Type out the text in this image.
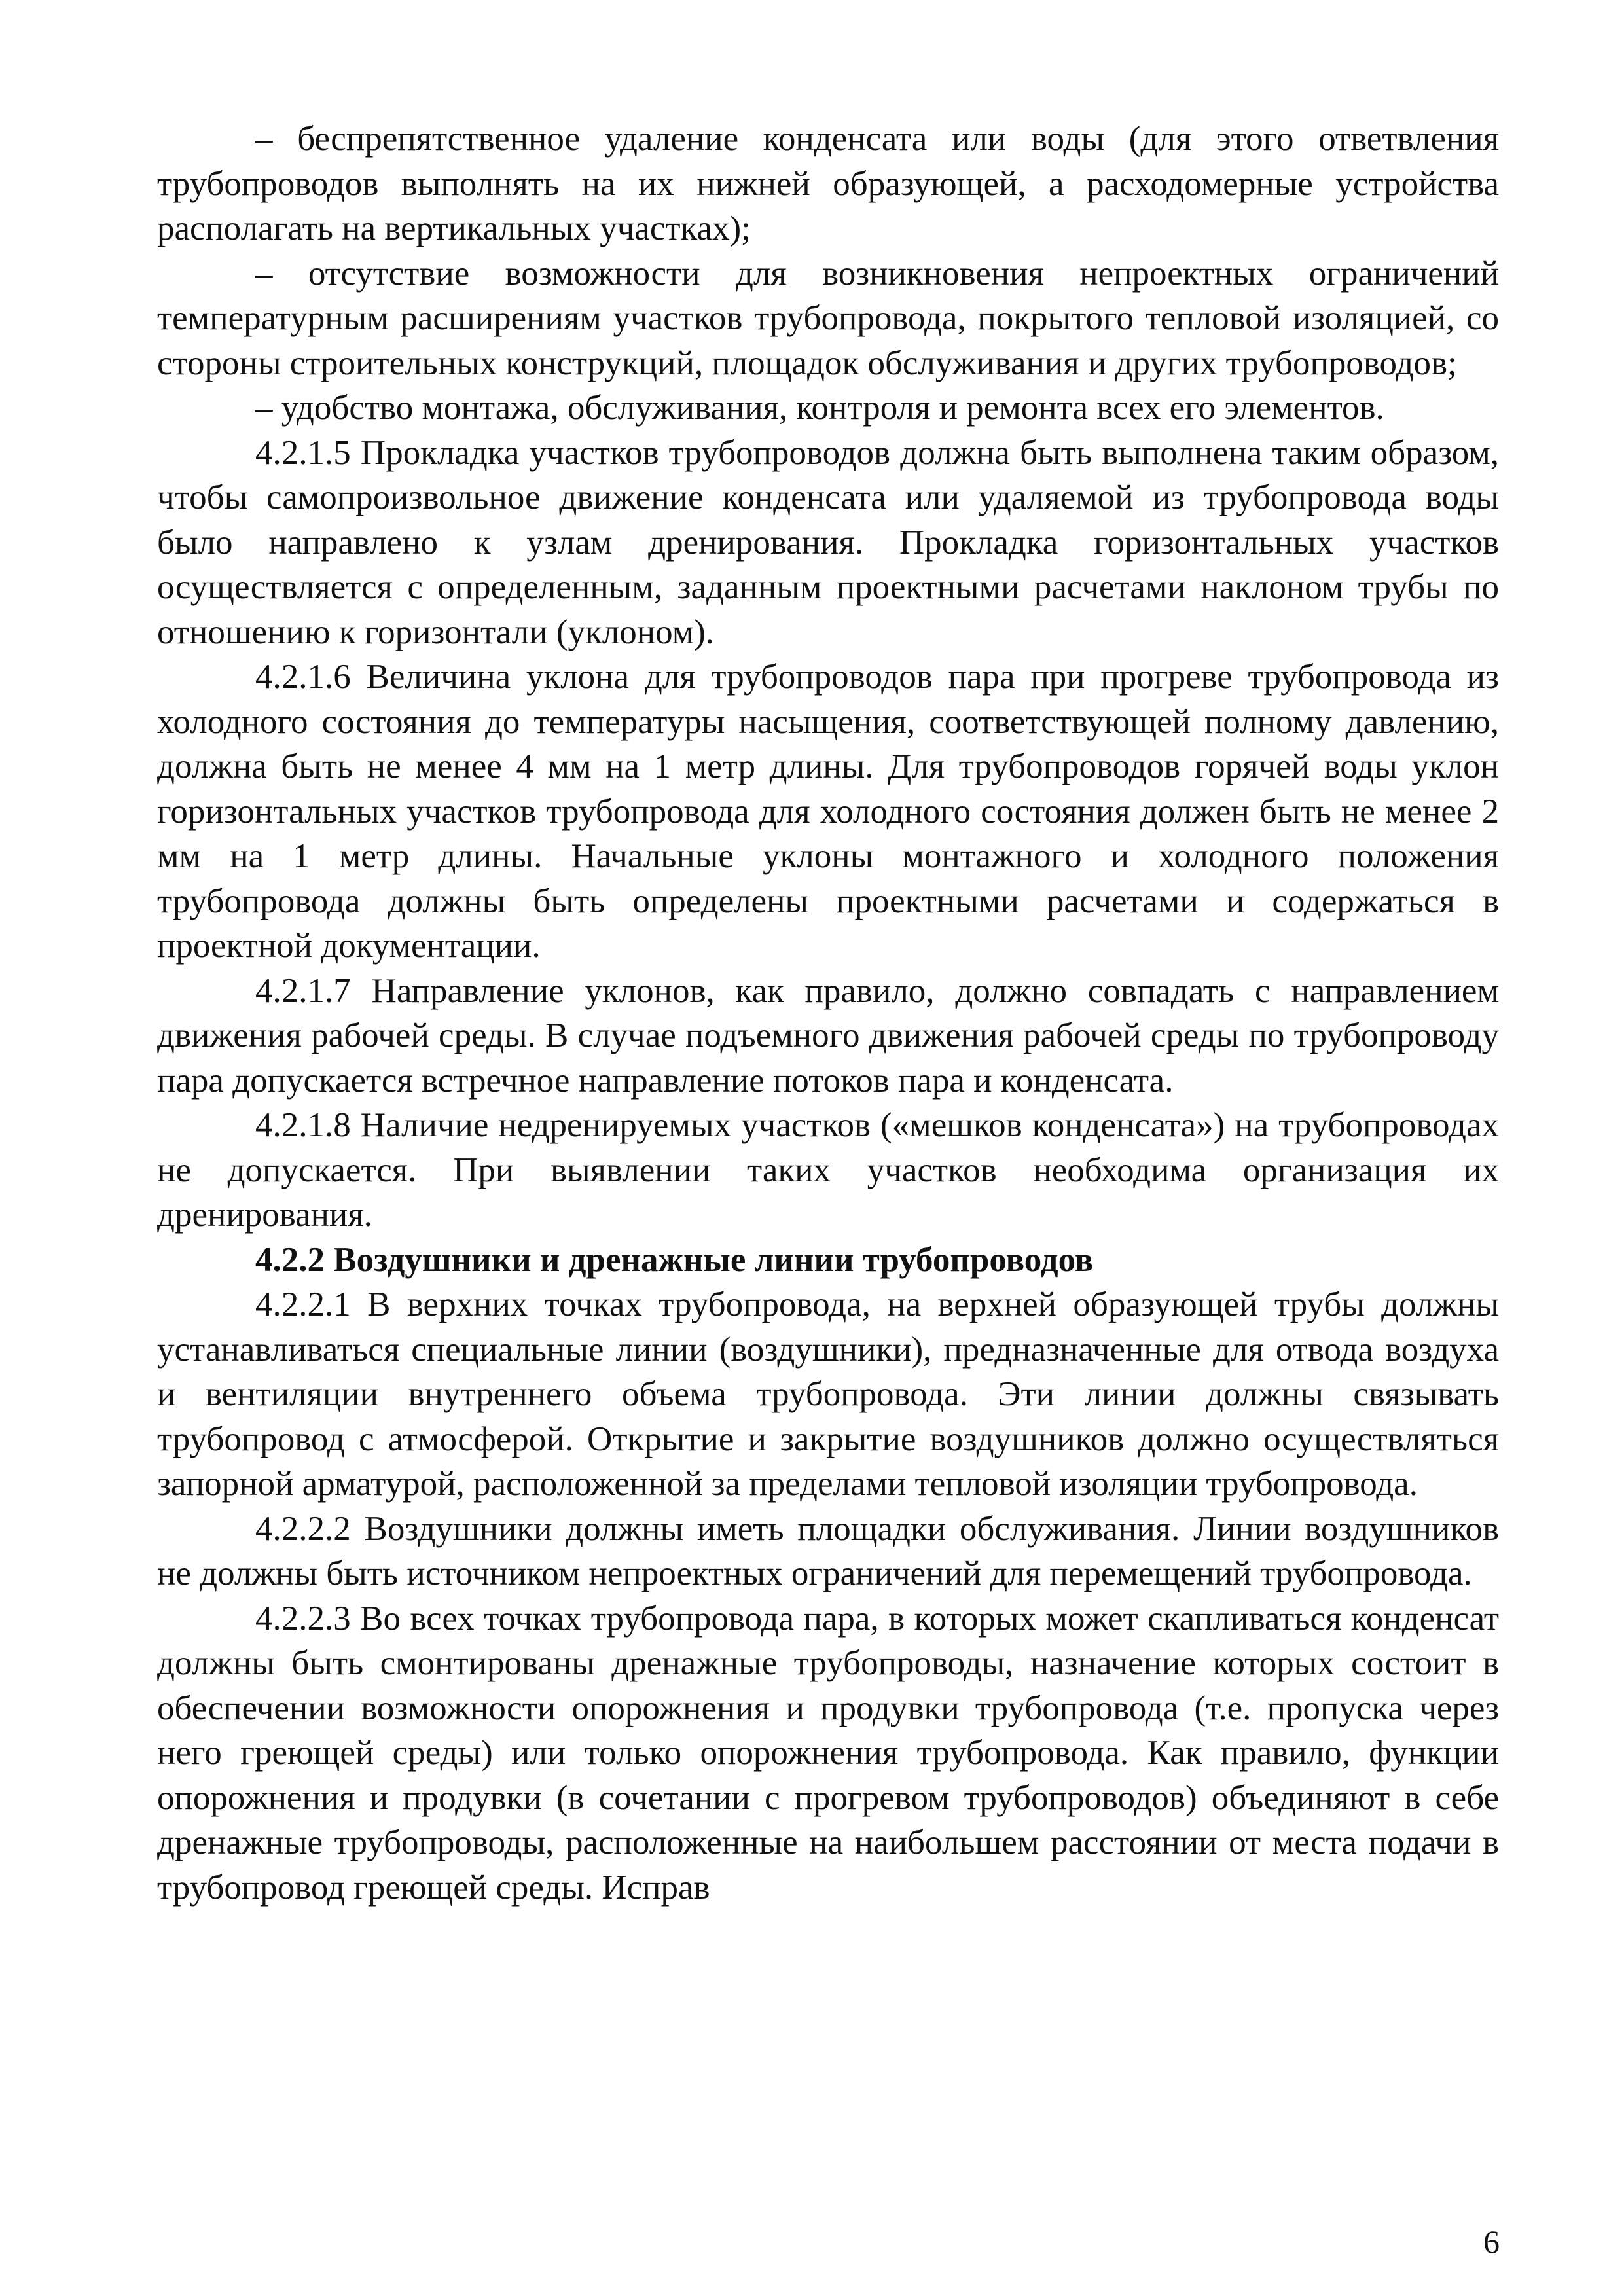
– беспрепятственное удаление конденсата или воды (для этого ответвления трубопроводов выполнять на их нижней образующей, а расходомерные устройства располагать на вертикальных участках);

– отсутствие возможности для возникновения непроектных ограничений температурным расширениям участков трубопровода, покрытого тепловой изоляцией, со стороны строительных конструкций, площадок обслуживания и других трубопроводов;

– удобство монтажа, обслуживания, контроля и ремонта всех его элементов.

4.2.1.5 Прокладка участков трубопроводов должна быть выполнена таким образом, чтобы самопроизвольное движение конденсата или удаляемой из трубопровода воды было направлено к узлам дренирования. Прокладка горизонтальных участков осуществляется с определенным, заданным проектными расчетами наклоном трубы по отношению к горизонтали (уклоном).

4.2.1.6 Величина уклона для трубопроводов пара при прогреве трубопровода из холодного состояния до температуры насыщения, соответствующей полному давлению, должна быть не менее 4 мм на 1 метр длины. Для трубопроводов горячей воды уклон горизонтальных участков трубопровода для холодного состояния должен быть не менее 2 мм на 1 метр длины. Начальные уклоны монтажного и холодного положения трубопровода должны быть определены проектными расчетами и содержаться в проектной документации.

4.2.1.7 Направление уклонов, как правило, должно совпадать с направлением движения рабочей среды. В случае подъемного движения рабочей среды по трубопроводу пара допускается встречное направление потоков пара и конденсата.

4.2.1.8 Наличие недренируемых участков («мешков конденсата») на трубопроводах не допускается. При выявлении таких участков необходима организация их дренирования.

4.2.2 Воздушники и дренажные линии трубопроводов

4.2.2.1 В верхних точках трубопровода, на верхней образующей трубы должны устанавливаться специальные линии (воздушники), предназначенные для отвода воздуха и вентиляции внутреннего объема трубопровода. Эти линии должны связывать трубопровод с атмосферой. Открытие и закрытие воздушников должно осуществляться запорной арматурой, расположенной за пределами тепловой изоляции трубопровода.

4.2.2.2 Воздушники должны иметь площадки обслуживания. Линии воздушников не должны быть источником непроектных ограничений для перемещений трубопровода.

4.2.2.3 Во всех точках трубопровода пара, в которых может скапливаться конденсат должны быть смонтированы дренажные трубопроводы, назначение которых состоит в обеспечении возможности опорожнения и продувки трубопровода (т.е. пропуска через него греющей среды) или только опорожнения трубопровода. Как правило, функции опорожнения и продувки (в сочетании с прогревом трубопроводов) объединяют в себе дренажные трубопроводы, расположенные на наибольшем расстоянии от места подачи в трубопровод греющей среды. Исправ

6
